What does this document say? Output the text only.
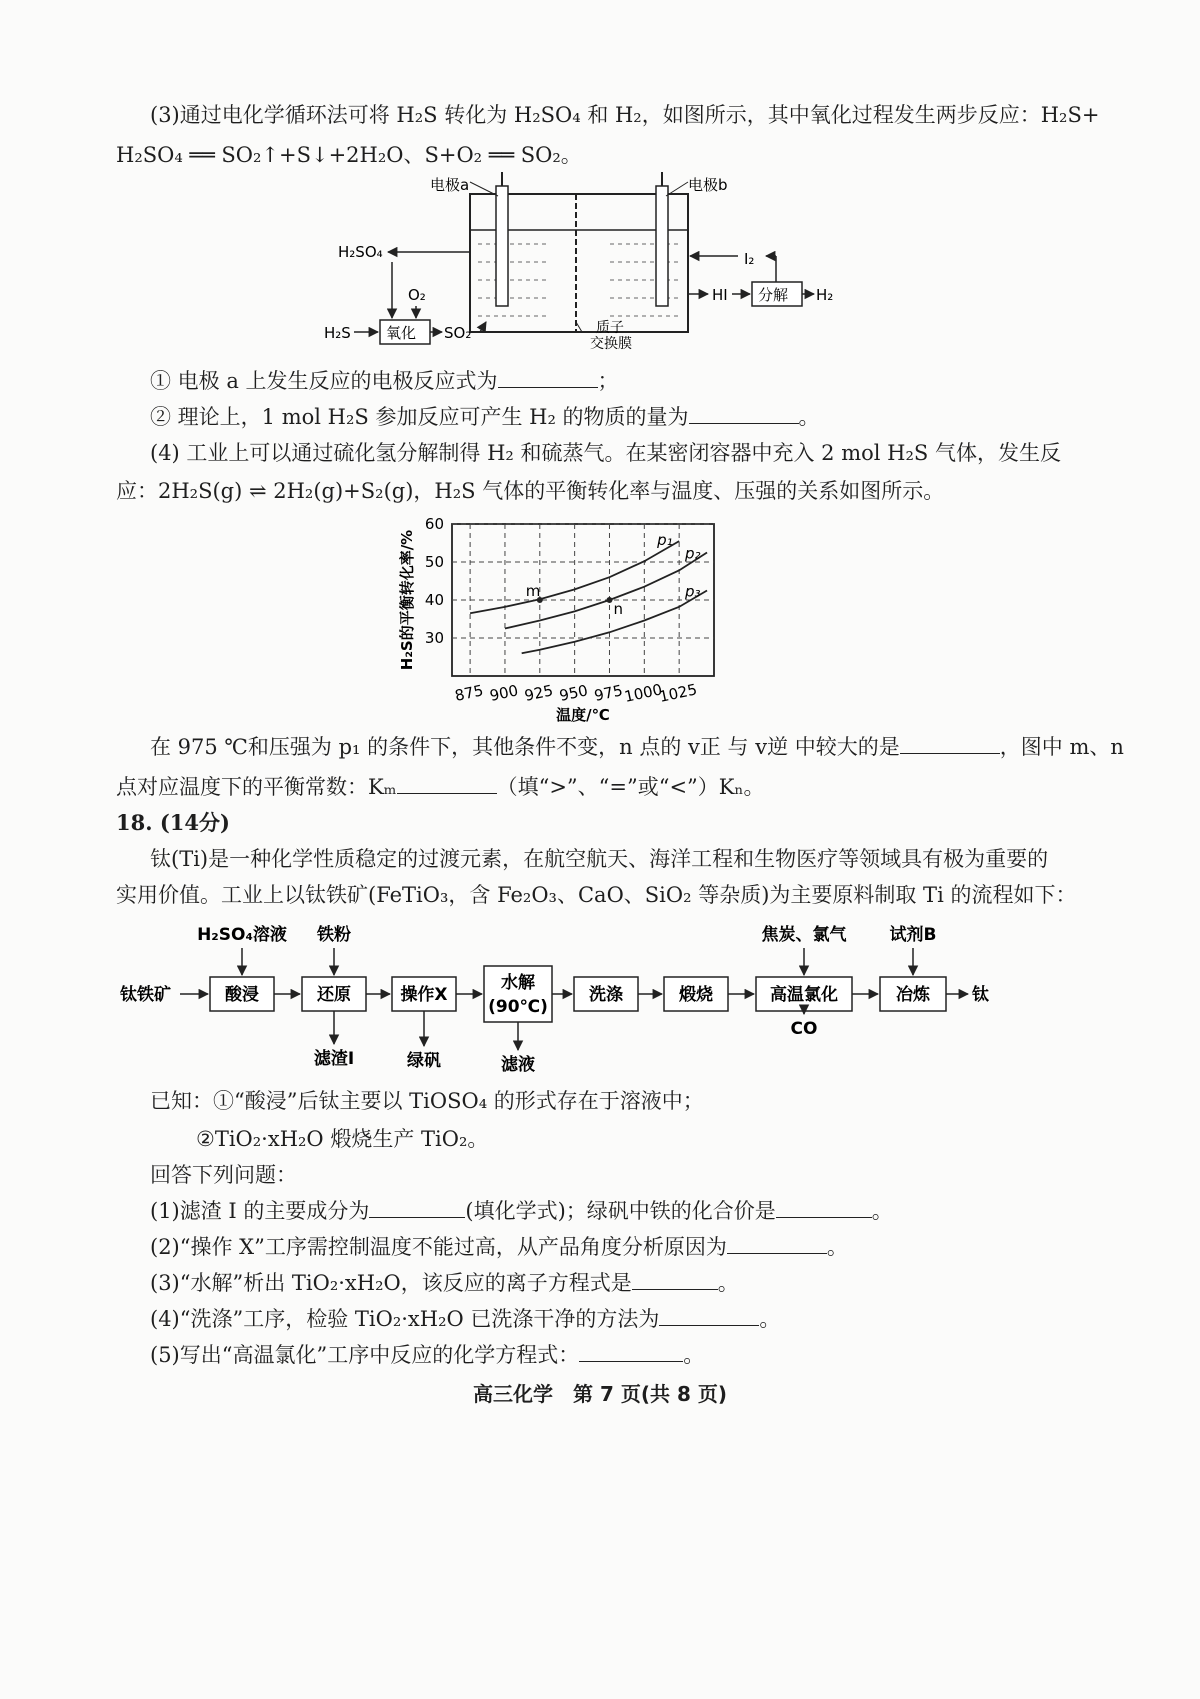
(3)通过电化学循环法可将 H₂S 转化为 H₂SO₄ 和 H₂，如图所示，其中氧化过程发生两步反应：H₂S+
H₂SO₄ ══ SO₂↑+S↓+2H₂O、S+O₂ ══ SO₂。
电极a	电极b
H₂SO₄
O₂
氧化
H₂S	SO₂
I₂
HI 分解 H₂
质子
交换膜
① 电极 a 上发生反应的电极反应式为	；
② 理论上，1 mol H₂S 参加反应可产生 H₂ 的物质的量为	。
(4) 工业上可以通过硫化氢分解制得 H₂ 和硫蒸气。在某密闭容器中充入 2 mol H₂S 气体，发生反
应：2H₂S(g) ⇌ 2H₂(g)+S₂(g)，H₂S 气体的平衡转化率与温度、压强的关系如图所示。
p₁
p₂
p₃
875 900 925 950 975
1000
1025
30
40
50
60
m
n
H₂S的平衡转化率/%
温度/℃
在 975 ℃和压强为 p₁ 的条件下，其他条件不变，n 点的 v正 与 v逆 中较大的是	，图中 m、n
点对应温度下的平衡常数：Kₘ	（填“>”、“=”或“<”）Kₙ。
18. (14分)
钛(Ti)是一种化学性质稳定的过渡元素，在航空航天、海洋工程和生物医疗等领域具有极为重要的
实用价值。工业上以钛铁矿(FeTiO₃，含 Fe₂O₃、CaO、SiO₂ 等杂质)为主要原料制取 Ti 的流程如下：
钛铁矿	酸浸	还原	操作X
水解
(90℃)
洗涤	煅烧	高温氯化	冶炼 钛
H₂SO₄溶液 铁粉	焦炭、氯气	试剂B
滤渣I	绿矾	滤液
CO
已知：①“酸浸”后钛主要以 TiOSO₄ 的形式存在于溶液中；
②TiO₂·xH₂O 煅烧生产 TiO₂。
回答下列问题：
(1)滤渣 I 的主要成分为	(填化学式)；绿矾中铁的化合价是	。
(2)“操作 X”工序需控制温度不能过高，从产品角度分析原因为	。
(3)“水解”析出 TiO₂·xH₂O，该反应的离子方程式是	。
(4)“洗涤”工序，检验 TiO₂·xH₂O 已洗涤干净的方法为	。
(5)写出“高温氯化”工序中反应的化学方程式：	。
高三化学　第 7 页(共 8 页)
